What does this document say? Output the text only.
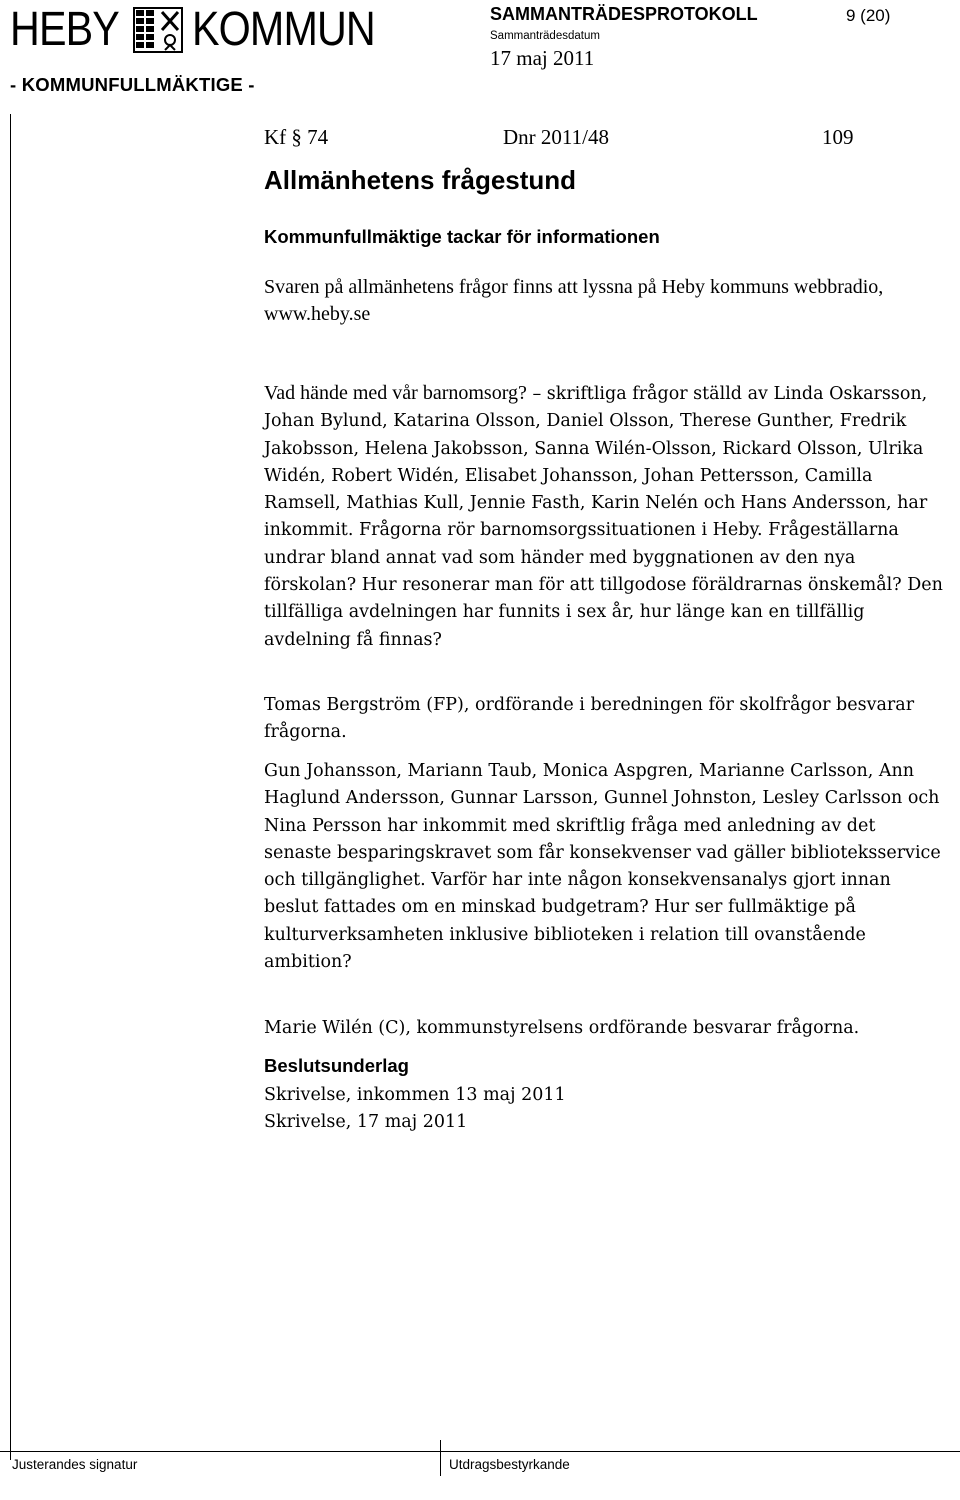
HEBY KOMMUN
- KOMMUNFULLMÄKTIGE -
SAMMANTRÄDESPROTOKOLL	9 (20)
Sammanträdesdatum
17 maj 2011
Kf § 74	Dnr 2011/48	109
Allmänhetens frågestund
Kommunfullmäktige tackar för informationen

Svaren på allmänhetens frågor finns att lyssna på Heby kommuns webbradio, www.heby.se

Vad hände med vår barnomsorg? – skriftliga frågor ställd av Linda Oskarsson, Johan Bylund, Katarina Olsson, Daniel Olsson, Therese Gunther, Fredrik Jakobsson, Helena Jakobsson, Sanna Wilén-Olsson, Rickard Olsson, Ulrika Widén, Robert Widén, Elisabet Johansson, Johan Pettersson, Camilla Ramsell, Mathias Kull, Jennie Fasth, Karin Nelén och Hans Andersson, har inkommit. Frågorna rör barnomsorgssituationen i Heby. Frågeställarna undrar bland annat vad som händer med byggnationen av den nya förskolan? Hur resonerar man för att tillgodose föräldrarnas önskemål? Den tillfälliga avdelningen har funnits i sex år, hur länge kan en tillfällig avdelning få finnas?

Tomas Bergström (FP), ordförande i beredningen för skolfrågor besvarar frågorna.

Gun Johansson, Mariann Taub, Monica Aspgren, Marianne Carlsson, Ann Haglund Andersson, Gunnar Larsson, Gunnel Johnston, Lesley Carlsson och Nina Persson har inkommit med skriftlig fråga med anledning av det senaste besparingskravet som får konsekvenser vad gäller biblioteksservice och tillgänglighet. Varför har inte någon konsekvensanalys gjort innan beslut fattades om en minskad budgetram? Hur ser fullmäktige på kulturverksamheten inklusive biblioteken i relation till ovanstående ambition?

Marie Wilén (C), kommunstyrelsens ordförande besvarar frågorna.

Beslutsunderlag
Skrivelse, inkommen 13 maj 2011
Skrivelse, 17 maj 2011
Justerandes signatur	Utdragsbestyrkande
